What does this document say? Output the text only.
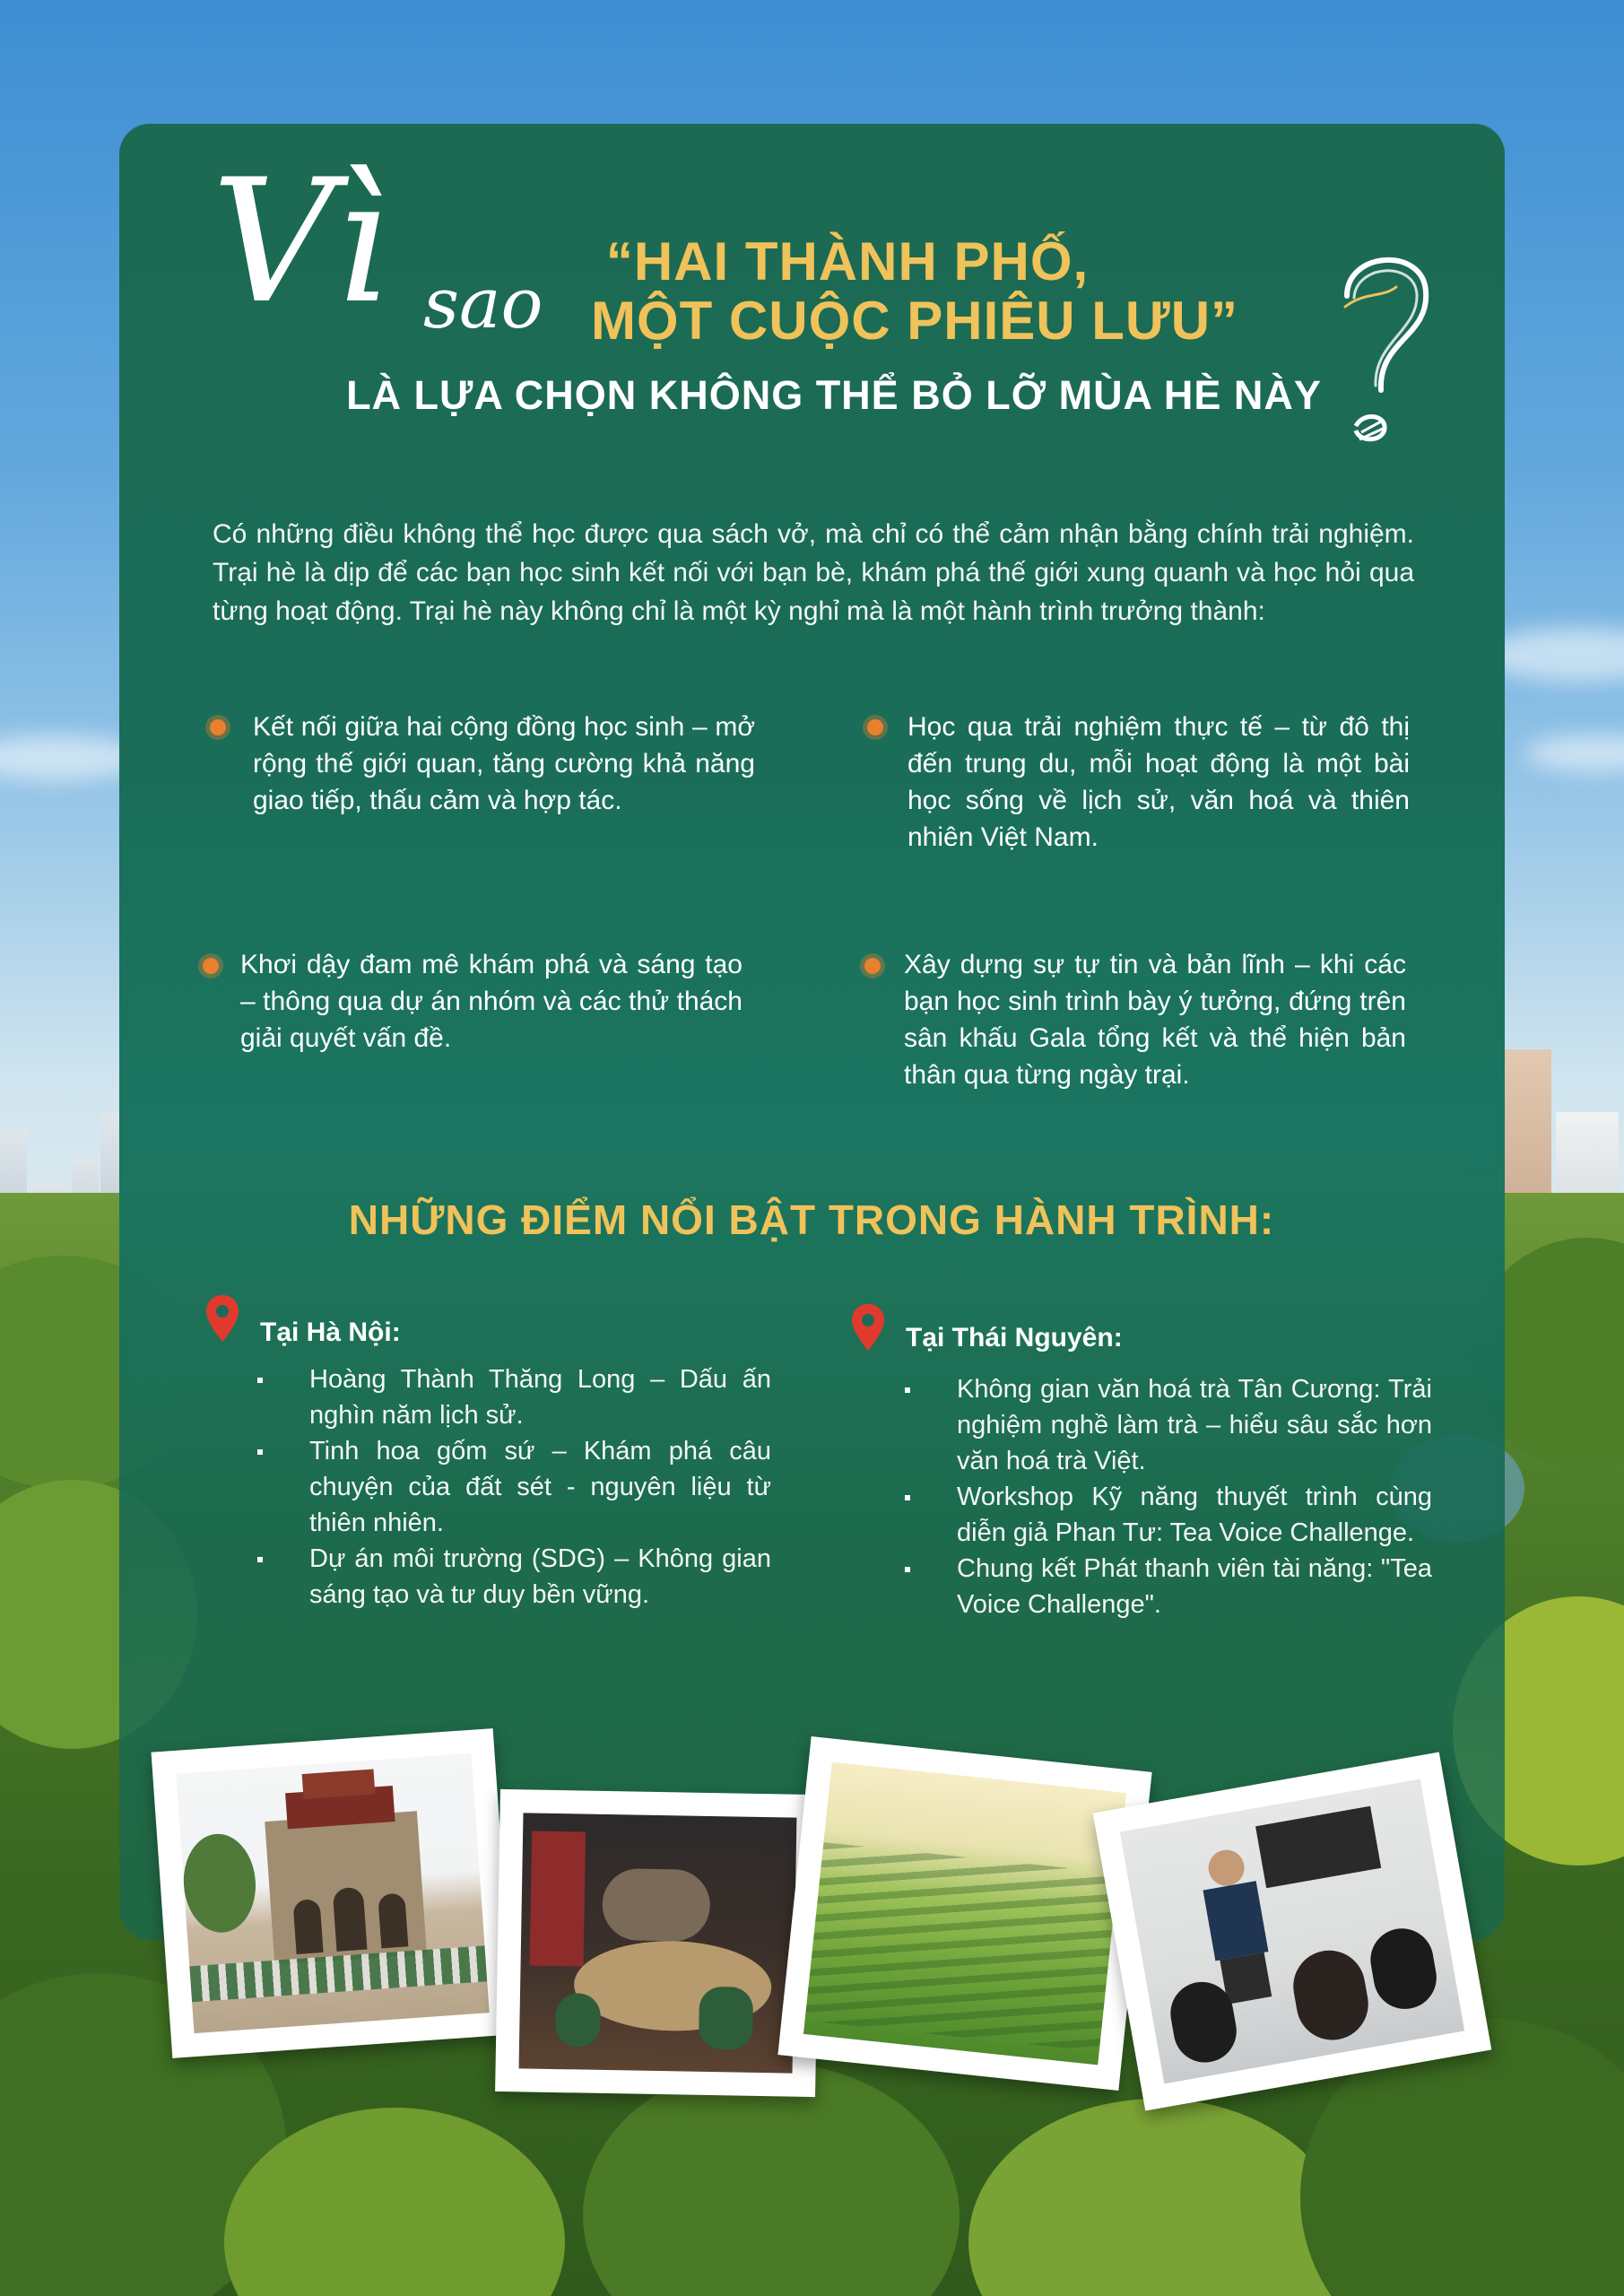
Vì sao
“HAI THÀNH PHỐ,
MỘT CUỘC PHIÊU LƯU”
LÀ LỰA CHỌN KHÔNG THỂ BỎ LỠ MÙA HÈ NÀY
Có những điều không thể học được qua sách vở, mà chỉ có thể cảm nhận bằng chính trải nghiệm. Trại hè là dịp để các bạn học sinh kết nối với bạn bè, khám phá thế giới xung quanh và học hỏi qua từng hoạt động. Trại hè này không chỉ là một kỳ nghỉ mà là một hành trình trưởng thành:
Kết nối giữa hai cộng đồng học sinh – mở rộng thế giới quan, tăng cường khả năng giao tiếp, thấu cảm và hợp tác.
Học qua trải nghiệm thực tế – từ đô thị đến trung du, mỗi hoạt động là một bài học sống về lịch sử, văn hoá và thiên nhiên Việt Nam.
Khơi dậy đam mê khám phá và sáng tạo – thông qua dự án nhóm và các thử thách giải quyết vấn đề.
Xây dựng sự tự tin và bản lĩnh – khi các bạn học sinh trình bày ý tưởng, đứng trên sân khấu Gala tổng kết và thể hiện bản thân qua từng ngày trại.
NHỮNG ĐIỂM NỔI BẬT TRONG HÀNH TRÌNH:
Tại Hà Nội:
Hoàng Thành Thăng Long – Dấu ấn nghìn năm lịch sử.
Tinh hoa gốm sứ – Khám phá câu chuyện của đất sét - nguyên liệu từ thiên nhiên.
Dự án môi trường (SDG) – Không gian sáng tạo và tư duy bền vững.
Tại Thái Nguyên:
Không gian văn hoá trà Tân Cương: Trải nghiệm nghề làm trà – hiểu sâu sắc hơn văn hoá trà Việt.
Workshop Kỹ năng thuyết trình cùng diễn giả Phan Tư: Tea Voice Challenge.
Chung kết Phát thanh viên tài năng: "Tea Voice Challenge".
